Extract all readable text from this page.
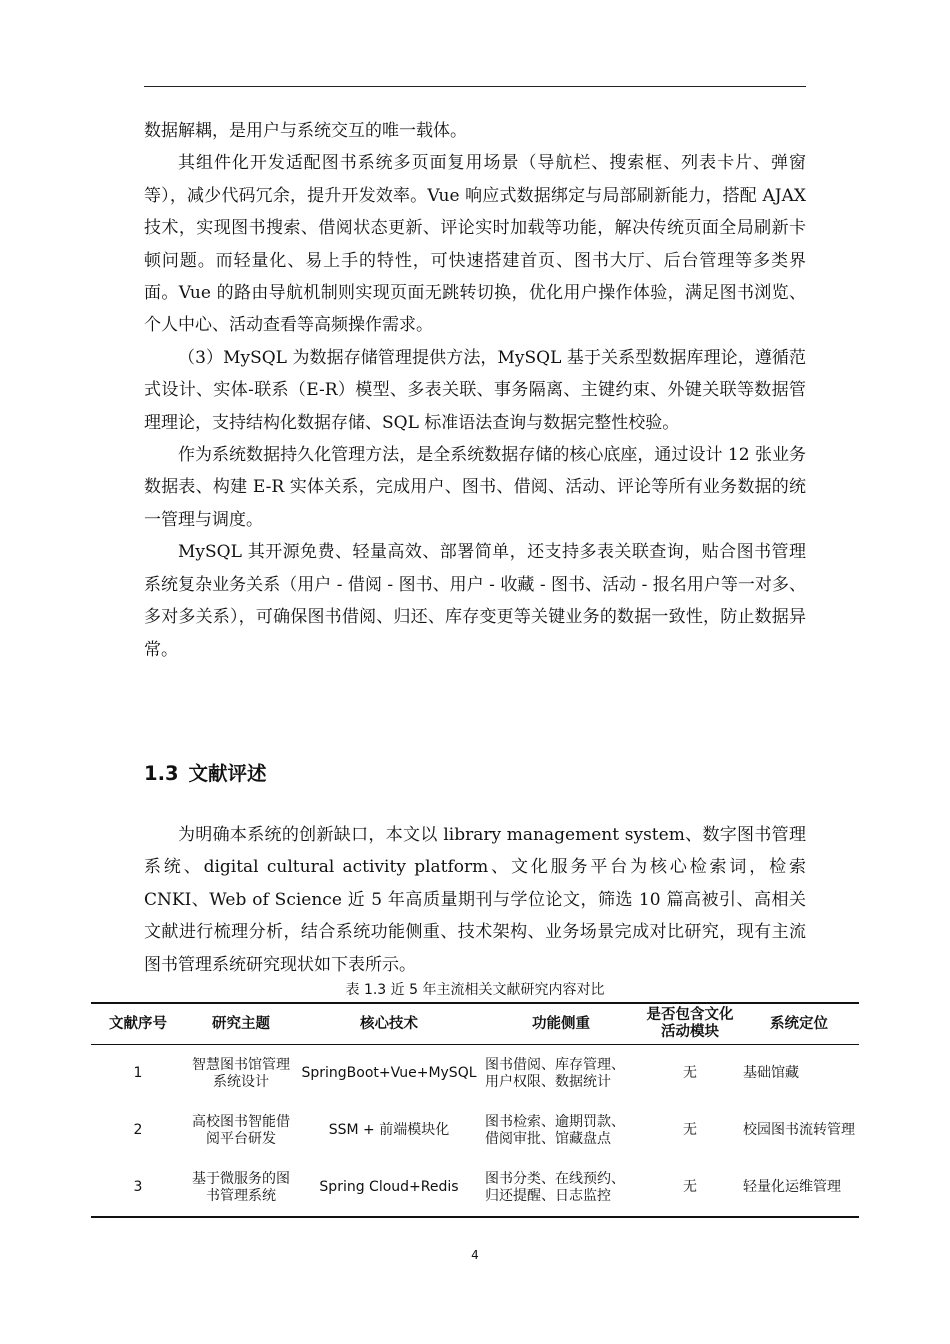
数据解耦，是用户与系统交互的唯一载体。

其组件化开发适配图书系统多页面复用场景（导航栏、搜索框、列表卡片、弹窗等），减少代码冗余，提升开发效率。Vue 响应式数据绑定与局部刷新能力，搭配 AJAX 技术，实现图书搜索、借阅状态更新、评论实时加载等功能，解决传统页面全局刷新卡顿问题。而轻量化、易上手的特性，可快速搭建首页、图书大厅、后台管理等多类界面。Vue 的路由导航机制则实现页面无跳转切换，优化用户操作体验，满足图书浏览、个人中心、活动查看等高频操作需求。

（3）MySQL 为数据存储管理提供方法，MySQL 基于关系型数据库理论，遵循范式设计、实体-联系（E-R）模型、多表关联、事务隔离、主键约束、外键关联等数据管理理论，支持结构化数据存储、SQL 标准语法查询与数据完整性校验。

作为系统数据持久化管理方法，是全系统数据存储的核心底座，通过设计 12 张业务数据表、构建 E-R 实体关系，完成用户、图书、借阅、活动、评论等所有业务数据的统一管理与调度。

MySQL 其开源免费、轻量高效、部署简单，还支持多表关联查询，贴合图书管理系统复杂业务关系（用户 - 借阅 - 图书、用户 - 收藏 - 图书、活动 - 报名用户等一对多、多对多关系），可确保图书借阅、归还、库存变更等关键业务的数据一致性，防止数据异常。

1.3 文献评述

为明确本系统的创新缺口，本文以 library management system、数字图书管理系统、digital cultural activity platform、文化服务平台为核心检索词，检索 CNKI、Web of Science 近 5 年高质量期刊与学位论文，筛选 10 篇高被引、高相关文献进行梳理分析，结合系统功能侧重、技术架构、业务场景完成对比研究，现有主流图书管理系统研究现状如下表所示。

表 1.3 近 5 年主流相关文献研究内容对比
文献序号	研究主题	核心技术	功能侧重	是否包含文化活动模块	系统定位
1	智慧图书馆管理系统设计	SpringBoot+Vue+MySQL	图书借阅、库存管理、用户权限、数据统计	无	基础馆藏
2	高校图书智能借阅平台研发	SSM + 前端模块化	图书检索、逾期罚款、借阅审批、馆藏盘点	无	校园图书流转管理
3	基于微服务的图书管理系统	Spring Cloud+Redis	图书分类、在线预约、归还提醒、日志监控	无	轻量化运维管理
4
